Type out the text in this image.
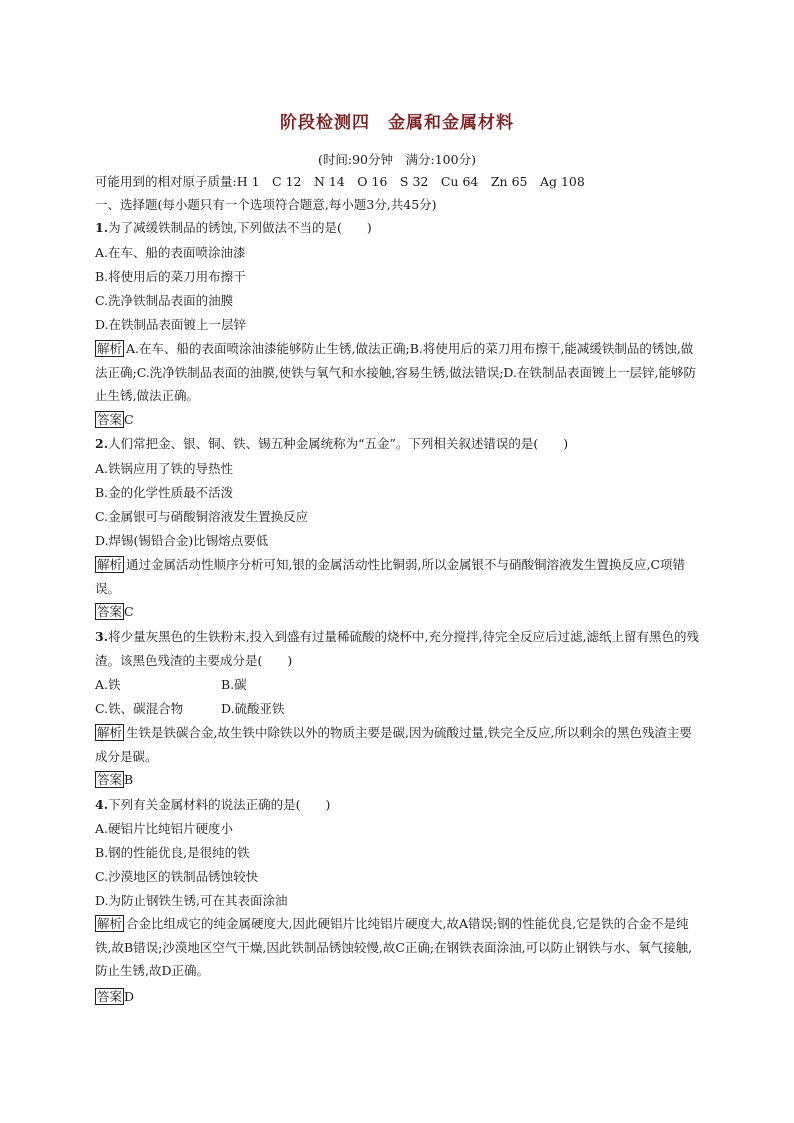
阶段检测四　金属和金属材料
(时间:90分钟　满分:100分)
可能用到的相对原子质量:H 1　C 12　N 14　O 16　S 32　Cu 64　Zn 65　Ag 108
一、选择题(每小题只有一个选项符合题意,每小题3分,共45分)
1.为了减缓铁制品的锈蚀,下列做法不当的是(　　)
A.在车、船的表面喷涂油漆
B.将使用后的菜刀用布擦干
C.洗净铁制品表面的油膜
D.在铁制品表面镀上一层锌
解析 A.在车、船的表面喷涂油漆能够防止生锈,做法正确;B.将使用后的菜刀用布擦干,能减缓铁制品的锈蚀,做法正确;C.洗净铁制品表面的油膜,使铁与氧气和水接触,容易生锈,做法错误;D.在铁制品表面镀上一层锌,能够防止生锈,做法正确。
答案 C
2.人们常把金、银、铜、铁、锡五种金属统称为“五金”。下列相关叙述错误的是(　　)
A.铁锅应用了铁的导热性
B.金的化学性质最不活泼
C.金属银可与硝酸铜溶液发生置换反应
D.焊锡(锡铅合金)比锡熔点要低
解析 通过金属活动性顺序分析可知,银的金属活动性比铜弱,所以金属银不与硝酸铜溶液发生置换反应,C项错误。
答案 C
3.将少量灰黑色的生铁粉末,投入到盛有过量稀硫酸的烧杯中,充分搅拌,待完全反应后过滤,滤纸上留有黑色的残渣。该黑色残渣的主要成分是(　　)
A.铁	B.碳
C.铁、碳混合物	D.硫酸亚铁
解析 生铁是铁碳合金,故生铁中除铁以外的物质主要是碳,因为硫酸过量,铁完全反应,所以剩余的黑色残渣主要成分是碳。
答案 B
4.下列有关金属材料的说法正确的是(　　)
A.硬铝片比纯铝片硬度小
B.钢的性能优良,是很纯的铁
C.沙漠地区的铁制品锈蚀较快
D.为防止钢铁生锈,可在其表面涂油
解析 合金比组成它的纯金属硬度大,因此硬铝片比纯铝片硬度大,故A错误;钢的性能优良,它是铁的合金不是纯铁,故B错误;沙漠地区空气干燥,因此铁制品锈蚀较慢,故C正确;在钢铁表面涂油,可以防止钢铁与水、氧气接触,防止生锈,故D正确。
答案 D
